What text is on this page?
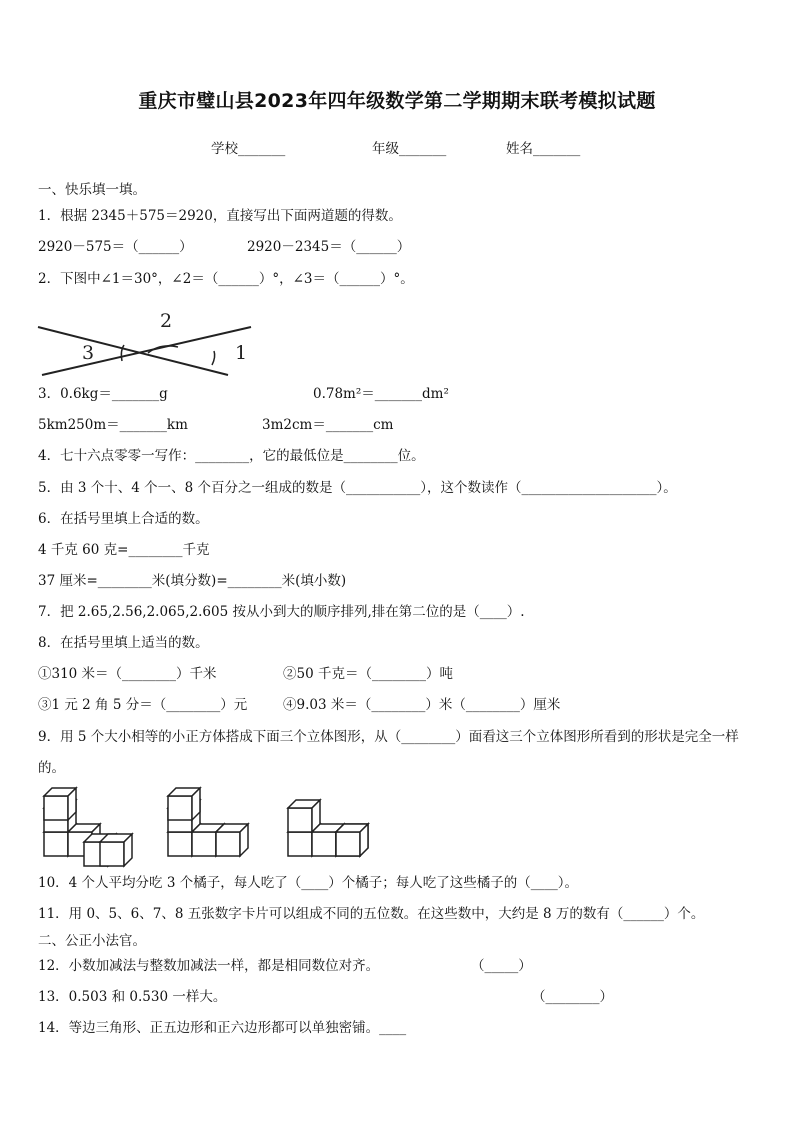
重庆市璧山县2023年四年级数学第二学期期末联考模拟试题
学校_______	年级_______	姓名_______
一、快乐填一填。
1．根据 2345＋575＝2920，直接写出下面两道题的得数。
2920－575＝（______）	2920－2345＝（______）
2．下图中∠1＝30°，∠2＝（______）°，∠3＝（______）°。
2
3	1
3．0.6kg＝_______g	0.78m²＝_______dm²
5km250m＝_______km	3m2cm＝_______cm
4．七十六点零零一写作：________，它的最低位是________位。
5．由 3 个十、4 个一、8 个百分之一组成的数是（___________），这个数读作（____________________）。
6．在括号里填上合适的数。
4 千克 60 克=________千克
37 厘米=________米(填分数)=________米(填小数)
7．把 2.65,2.56,2.065,2.605 按从小到大的顺序排列,排在第二位的是（____）.
8．在括号里填上适当的数。
①310 米＝（________）千米	②50 千克＝（________）吨
③1 元 2 角 5 分＝（________）元	④9.03 米＝（________）米（________）厘米
9．用 5 个大小相等的小正方体搭成下面三个立体图形，从（________）面看这三个立体图形所看到的形状是完全一样
的。
10．4 个人平均分吃 3 个橘子，每人吃了（____）个橘子；每人吃了这些橘子的（____）。
11．用 0、5、6、7、8 五张数字卡片可以组成不同的五位数。在这些数中，大约是 8 万的数有（______）个。
二、公正小法官。
12．小数加减法与整数加减法一样，都是相同数位对齐。	（_____）
13．0.503 和 0.530 一样大。	（________）
14．等边三角形、正五边形和正六边形都可以单独密铺。____
